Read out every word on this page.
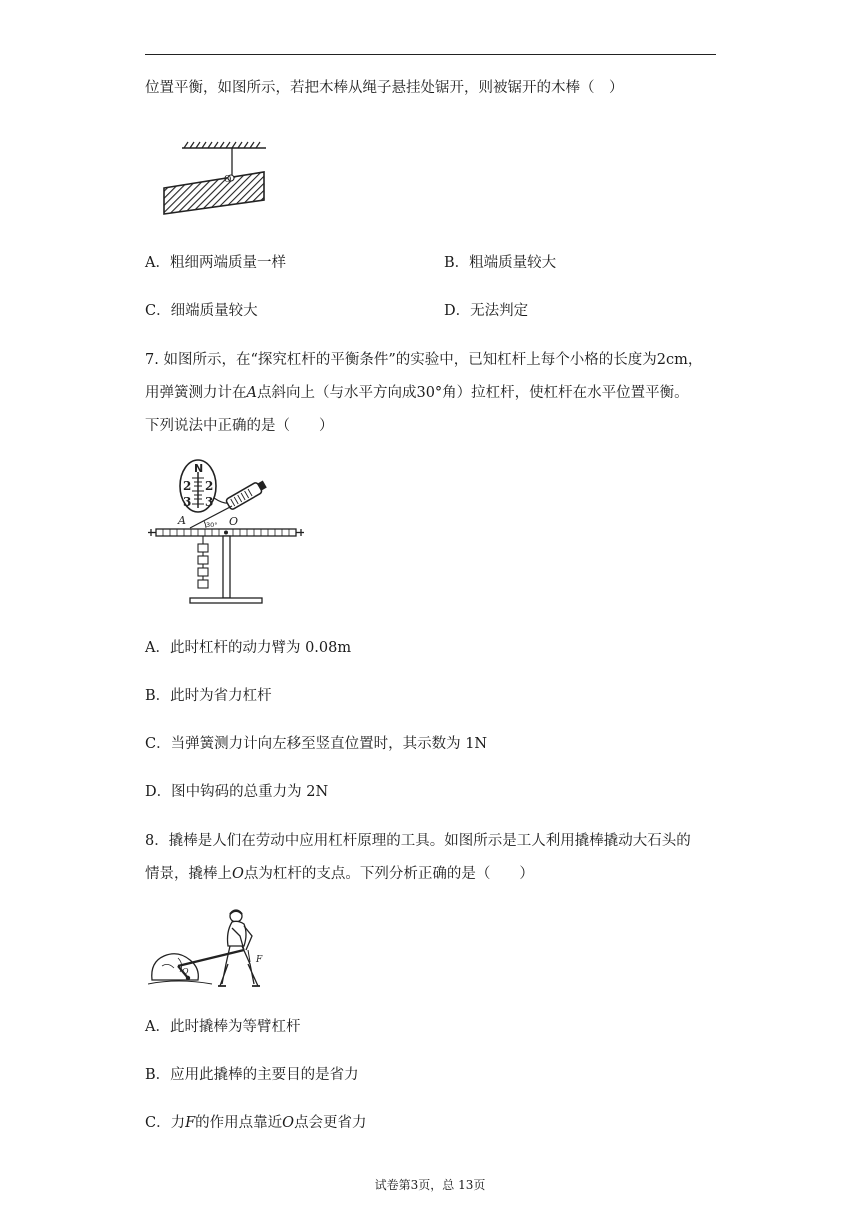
位置平衡，如图所示，若把木棒从绳子悬挂处锯开，则被锯开的木棒（　）
O
A．粗细两端质量一样	B．粗端质量较大
C．细端质量较大	D．无法判定
7. 如图所示，在“探究杠杆的平衡条件”的实验中，已知杠杆上每个小格的长度为2cm，
用弹簧测力计在A点斜向上（与水平方向成30°角）拉杠杆，使杠杆在水平位置平衡。
下列说法中正确的是（　　）
N
2 2
3 3
A	30° O
A．此时杠杆的动力臂为 0.08m
B．此时为省力杠杆
C．当弹簧测力计向左移至竖直位置时，其示数为 1N
D．图中钩码的总重力为 2N
8．撬棒是人们在劳动中应用杠杆原理的工具。如图所示是工人利用撬棒撬动大石头的
情景，撬棒上O点为杠杆的支点。下列分析正确的是（　　）
O
F
A．此时撬棒为等臂杠杆
B．应用此撬棒的主要目的是省力
C．力F的作用点靠近O点会更省力
试卷第3页，总 13页
